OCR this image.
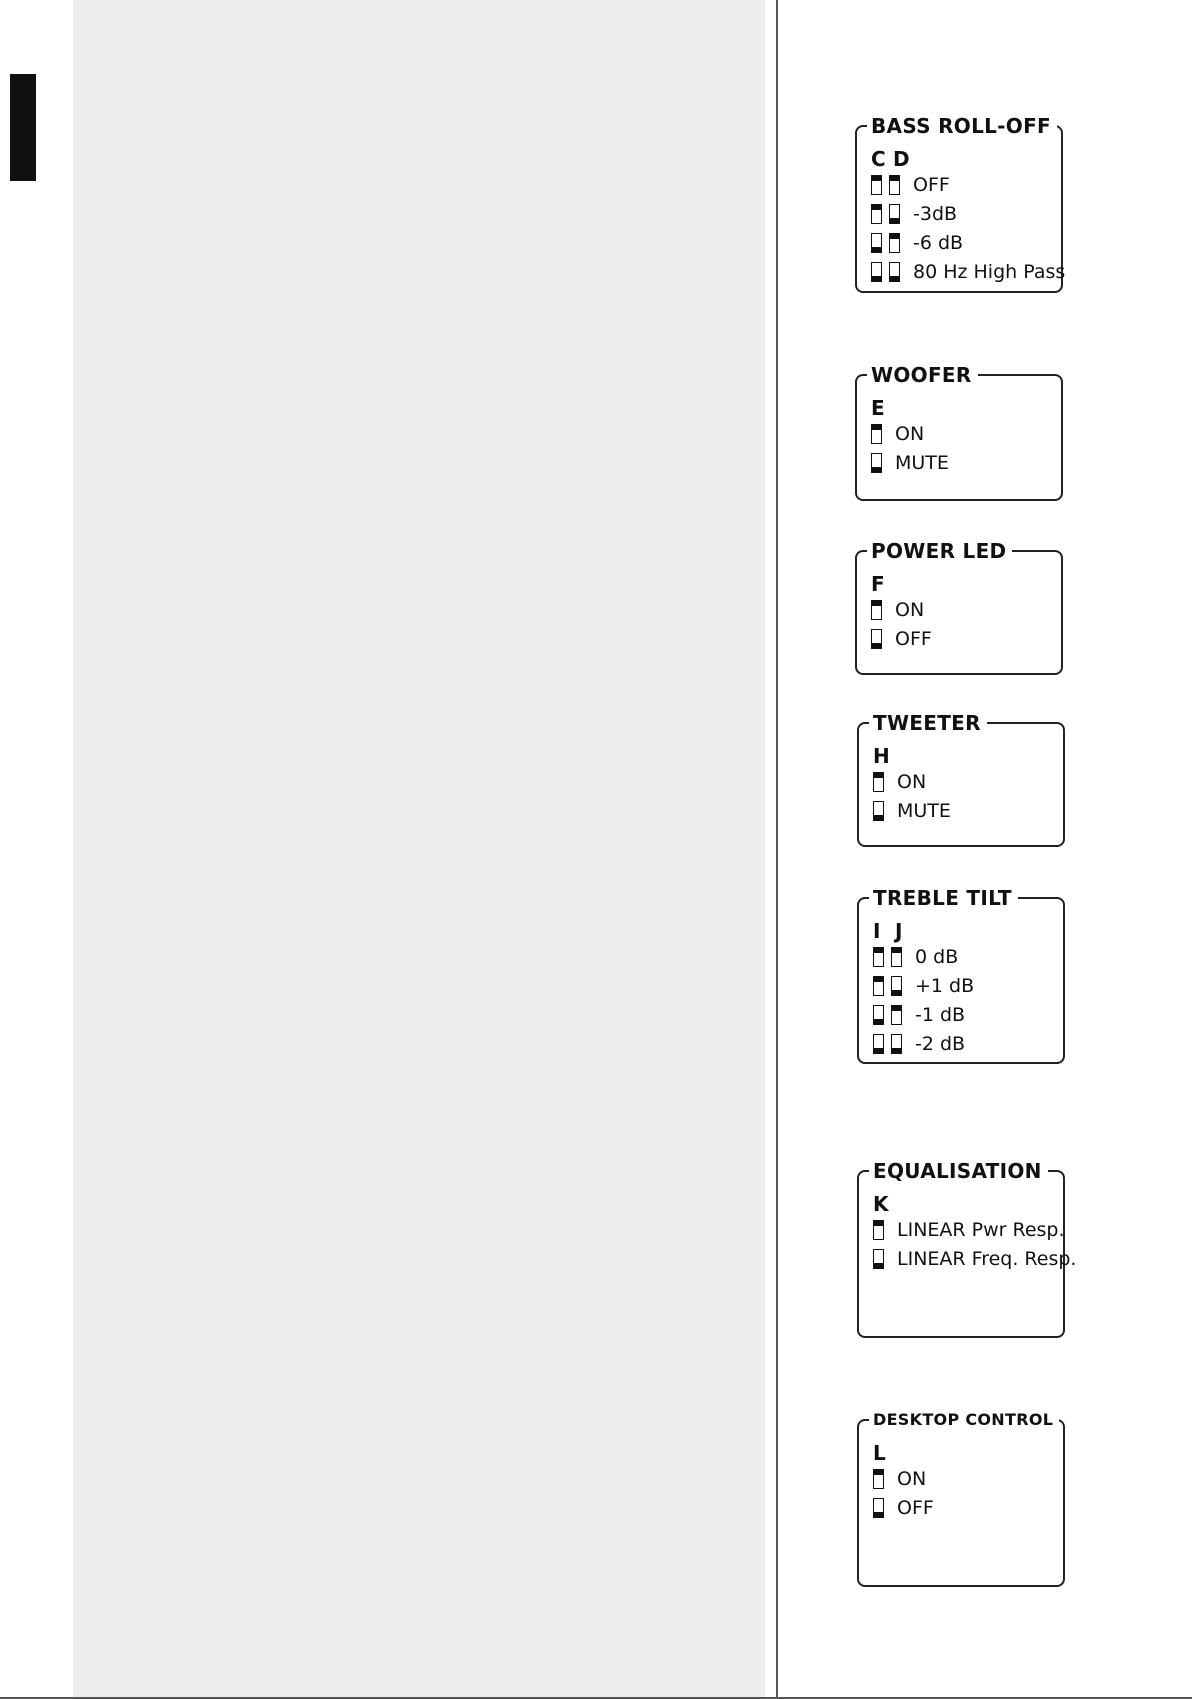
BASS ROLL-OFF
C D
OFF
-3dB
-6 dB
80 Hz High Pass
WOOFER
E
ON
MUTE
POWER LED
F
ON
OFF
TWEETER
H
ON
MUTE
TREBLE TILT
I J
0 dB
+1 dB
-1 dB
-2 dB
EQUALISATION
K
LINEAR Pwr Resp.
LINEAR Freq. Resp.
DESKTOP CONTROL
L
ON
OFF
